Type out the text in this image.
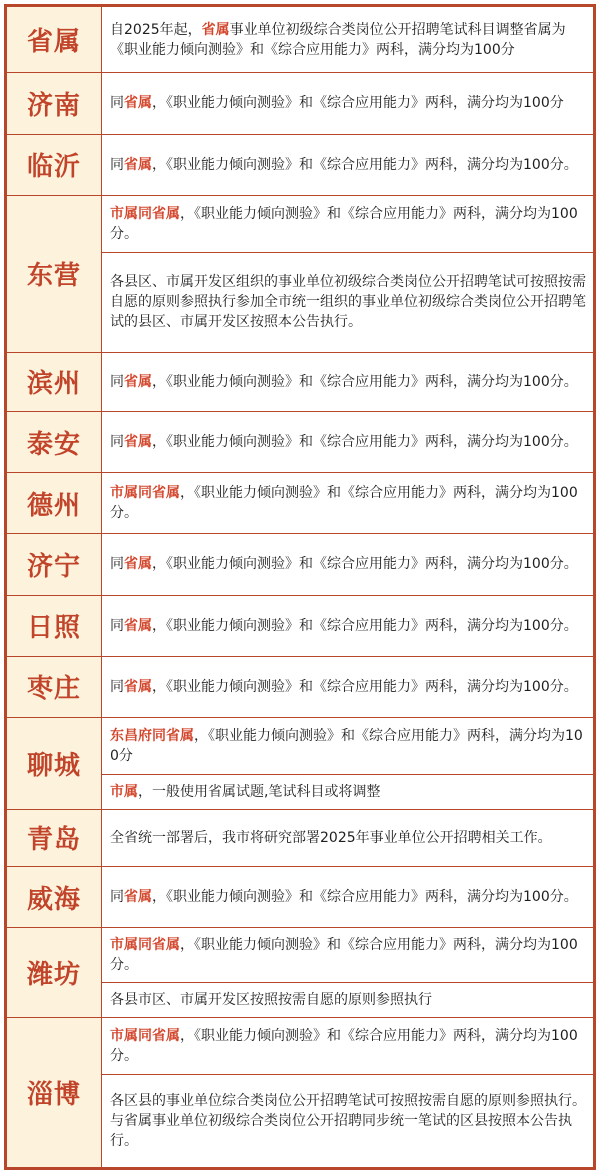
省属	自2025年起，省属事业单位初级综合类岗位公开招聘笔试科目调整省属为《职业能力倾向测验》和《综合应用能力》两科，满分均为100分
济南	同省属，《职业能力倾向测验》和《综合应用能力》两科，满分均为100分
临沂	同省属，《职业能力倾向测验》和《综合应用能力》两科，满分均为100分。
东营	市属同省属，《职业能力倾向测验》和《综合应用能力》两科，满分均为100分。
	各县区、市属开发区组织的事业单位初级综合类岗位公开招聘笔试可按照按需自愿的原则参照执行参加全市统一组织的事业单位初级综合类岗位公开招聘笔试的县区、市属开发区按照本公告执行。
滨州	同省属，《职业能力倾向测验》和《综合应用能力》两科，满分均为100分。
泰安	同省属，《职业能力倾向测验》和《综合应用能力》两科，满分均为100分。
德州	市属同省属，《职业能力倾向测验》和《综合应用能力》两科，满分均为100分。
济宁	同省属，《职业能力倾向测验》和《综合应用能力》两科，满分均为100分。
日照	同省属，《职业能力倾向测验》和《综合应用能力》两科，满分均为100分。
枣庄	同省属，《职业能力倾向测验》和《综合应用能力》两科，满分均为100分。
聊城	东昌府同省属，《职业能力倾向测验》和《综合应用能力》两科，满分均为100分
	市属，一般使用省属试题,笔试科目或将调整
青岛	全省统一部署后，我市将研究部署2025年事业单位公开招聘相关工作。
威海	同省属，《职业能力倾向测验》和《综合应用能力》两科，满分均为100分。
潍坊	市属同省属，《职业能力倾向测验》和《综合应用能力》两科，满分均为100分。
	各县市区、市属开发区按照按需自愿的原则参照执行
淄博	市属同省属，《职业能力倾向测验》和《综合应用能力》两科，满分均为100分。
	各区县的事业单位综合类岗位公开招聘笔试可按照按需自愿的原则参照执行。
与省属事业单位初级综合类岗位公开招聘同步统一笔试的区县按照本公告执行。
